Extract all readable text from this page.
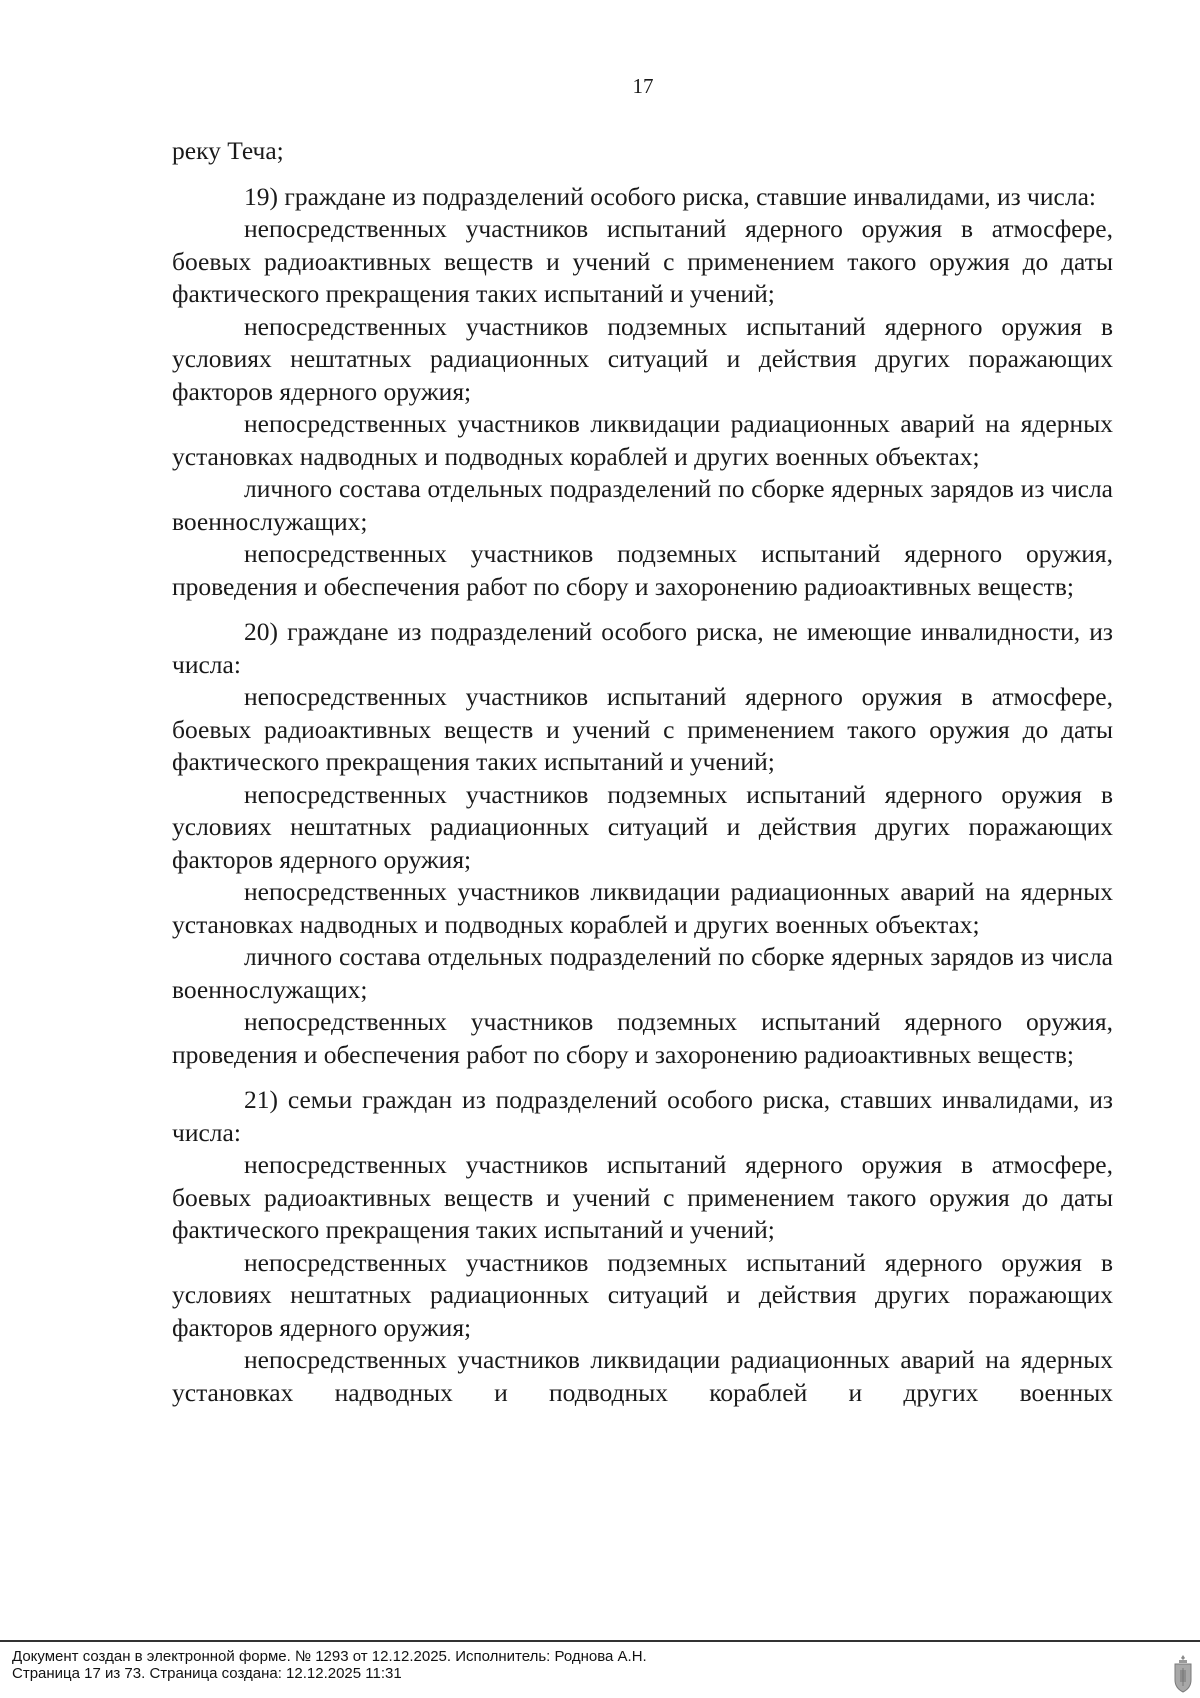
17

реку Теча;

19) граждане из подразделений особого риска, ставшие инвалидами, из числа:

непосредственных участников испытаний ядерного оружия в атмосфере, боевых радиоактивных веществ и учений с применением такого оружия до даты фактического прекращения таких испытаний и учений;

непосредственных участников подземных испытаний ядерного оружия в условиях нештатных радиационных ситуаций и действия других поражающих факторов ядерного оружия;

непосредственных участников ликвидации радиационных аварий на ядерных установках надводных и подводных кораблей и других военных объектах;

личного состава отдельных подразделений по сборке ядерных зарядов из числа военнослужащих;

непосредственных участников подземных испытаний ядерного оружия, проведения и обеспечения работ по сбору и захоронению радиоактивных веществ;

20) граждане из подразделений особого риска, не имеющие инвалидности, из числа:

непосредственных участников испытаний ядерного оружия в атмосфере, боевых радиоактивных веществ и учений с применением такого оружия до даты фактического прекращения таких испытаний и учений;

непосредственных участников подземных испытаний ядерного оружия в условиях нештатных радиационных ситуаций и действия других поражающих факторов ядерного оружия;

непосредственных участников ликвидации радиационных аварий на ядерных установках надводных и подводных кораблей и других военных объектах;

личного состава отдельных подразделений по сборке ядерных зарядов из числа военнослужащих;

непосредственных участников подземных испытаний ядерного оружия, проведения и обеспечения работ по сбору и захоронению радиоактивных веществ;

21) семьи граждан из подразделений особого риска, ставших инвалидами, из числа:

непосредственных участников испытаний ядерного оружия в атмосфере, боевых радиоактивных веществ и учений с применением такого оружия до даты фактического прекращения таких испытаний и учений;

непосредственных участников подземных испытаний ядерного оружия в условиях нештатных радиационных ситуаций и действия других поражающих факторов ядерного оружия;

непосредственных участников ликвидации радиационных аварий на ядерных установках надводных и подводных кораблей и других военных

Документ создан в электронной форме. № 1293 от 12.12.2025. Исполнитель: Роднова А.Н.
Страница 17 из 73. Страница создана: 12.12.2025 11:31
